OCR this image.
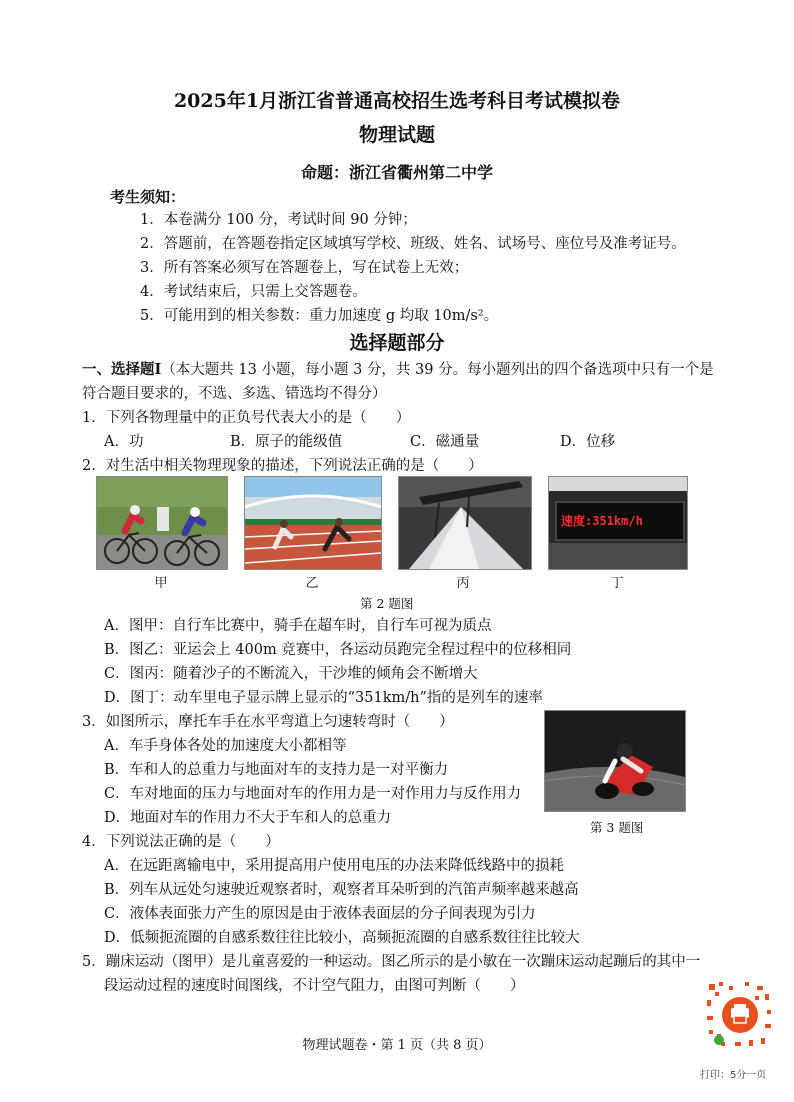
2025年1月浙江省普通高校招生选考科目考试模拟卷
物理试题
命题：浙江省衢州第二中学
考生须知：
1．本卷满分 100 分，考试时间 90 分钟；
2．答题前，在答题卷指定区域填写学校、班级、姓名、试场号、座位号及准考证号。
3．所有答案必须写在答题卷上，写在试卷上无效；
4．考试结束后，只需上交答题卷。
5．可能用到的相关参数：重力加速度 g 均取 10m/s²。
选择题部分
一、选择题Ⅰ（本大题共 13 小题，每小题 3 分，共 39 分。每小题列出的四个备选项中只有一个是
符合题目要求的，不选、多选、错选均不得分）
1．下列各物理量中的正负号代表大小的是（　　）
A．功	B．原子的能级值	C．磁通量	D．位移
2．对生活中相关物理现象的描述，下列说法正确的是（　　）
甲	乙	丙
速度:351km/h
丁
第 2 题图
A．图甲：自行车比赛中，骑手在超车时，自行车可视为质点
B．图乙：亚运会上 400m 竞赛中，各运动员跑完全程过程中的位移相同
C．图丙：随着沙子的不断流入，干沙堆的倾角会不断增大
D．图丁：动车里电子显示牌上显示的“351km/h”指的是列车的速率
3．如图所示，摩托车手在水平弯道上匀速转弯时（　　）
A．车手身体各处的加速度大小都相等
B．车和人的总重力与地面对车的支持力是一对平衡力
C．车对地面的压力与地面对车的作用力是一对作用力与反作用力
D．地面对车的作用力不大于车和人的总重力
第 3 题图
4．下列说法正确的是（　　）
A．在远距离输电中，采用提高用户使用电压的办法来降低线路中的损耗
B．列车从远处匀速驶近观察者时，观察者耳朵听到的汽笛声频率越来越高
C．液体表面张力产生的原因是由于液体表面层的分子间表现为引力
D．低频扼流圈的自感系数往往比较小，高频扼流圈的自感系数往往比较大
5．蹦床运动（图甲）是儿童喜爱的一种运动。图乙所示的是小敏在一次蹦床运动起蹦后的其中一
段运动过程的速度时间图线，不计空气阻力，由图可判断（　　）
物理试题卷・第 1 页（共 8 页）
打印：5分一页
